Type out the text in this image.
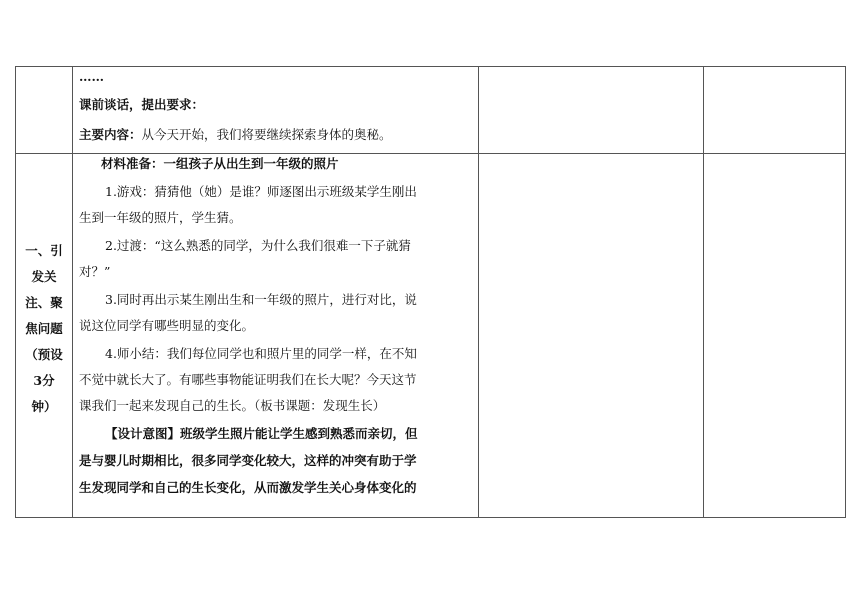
……
课前谈话，提出要求：
主要内容：从今天开始，我们将要继续探索身体的奥秘。
一、引
发关
注、聚
焦问题
（预设
3分
钟）
材料准备：一组孩子从出生到一年级的照片
1.游戏：猜猜他（她）是谁？师逐图出示班级某学生刚出
生到一年级的照片，学生猜。
2.过渡：“这么熟悉的同学，为什么我们很难一下子就猜
对？”
3.同时再出示某生刚出生和一年级的照片，进行对比，说
说这位同学有哪些明显的变化。
4.师小结：我们每位同学也和照片里的同学一样，在不知
不觉中就长大了。有哪些事物能证明我们在长大呢？今天这节
课我们一起来发现自己的生长。（板书课题：发现生长）
【设计意图】班级学生照片能让学生感到熟悉而亲切，但
是与婴儿时期相比，很多同学变化较大，这样的冲突有助于学
生发现同学和自己的生长变化，从而激发学生关心身体变化的
